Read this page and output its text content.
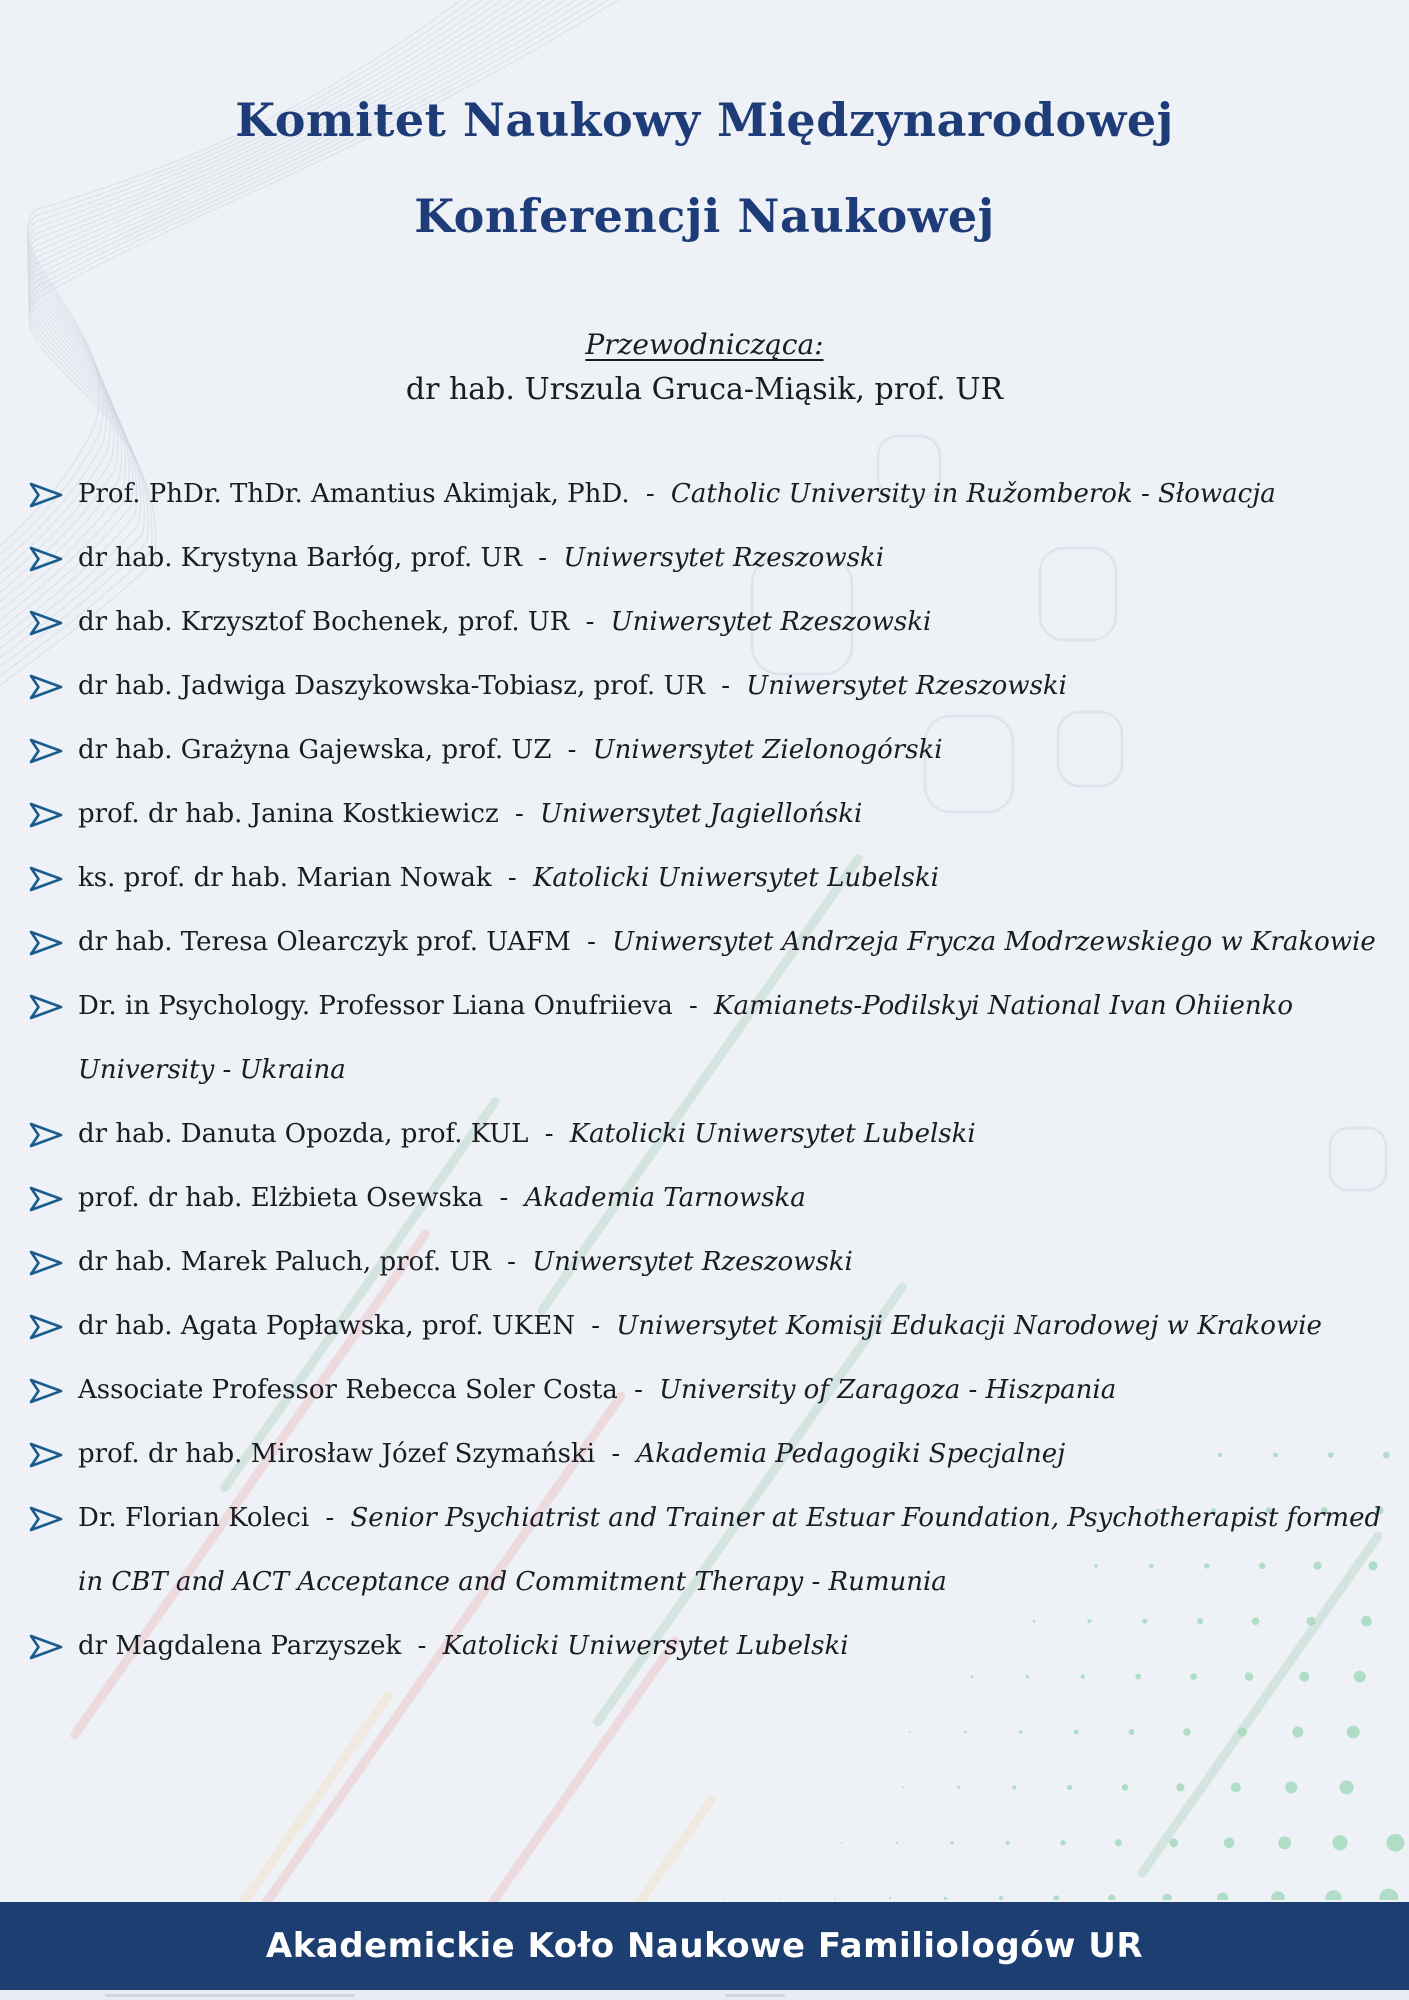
Komitet Naukowy Międzynarodowej
Konferencji Naukowej
Przewodnicząca:
dr hab. Urszula Gruca-Miąsik, prof. UR
Prof. PhDr. ThDr. Amantius Akimjak, PhD. - Catholic University in Ružomberok - Słowacja
dr hab. Krystyna Barłóg, prof. UR - Uniwersytet Rzeszowski
dr hab. Krzysztof Bochenek, prof. UR - Uniwersytet Rzeszowski
dr hab. Jadwiga Daszykowska-Tobiasz, prof. UR - Uniwersytet Rzeszowski
dr hab. Grażyna Gajewska, prof. UZ - Uniwersytet Zielonogórski
prof. dr hab. Janina Kostkiewicz - Uniwersytet Jagielloński
ks. prof. dr hab. Marian Nowak - Katolicki Uniwersytet Lubelski
dr hab. Teresa Olearczyk prof. UAFM - Uniwersytet Andrzeja Frycza Modrzewskiego w Krakowie
Dr. in Psychology. Professor Liana Onufriieva - Kamianets-Podilskyi National Ivan Ohiienko University - Ukraina
dr hab. Danuta Opozda, prof. KUL - Katolicki Uniwersytet Lubelski
prof. dr hab. Elżbieta Osewska - Akademia Tarnowska
dr hab. Marek Paluch, prof. UR - Uniwersytet Rzeszowski
dr hab. Agata Popławska, prof. UKEN - Uniwersytet Komisji Edukacji Narodowej w Krakowie
Associate Professor Rebecca Soler Costa - University of Zaragoza - Hiszpania
prof. dr hab. Mirosław Józef Szymański - Akademia Pedagogiki Specjalnej
Dr. Florian Koleci - Senior Psychiatrist and Trainer at Estuar Foundation, Psychotherapist formed in CBT and ACT Acceptance and Commitment Therapy - Rumunia
dr Magdalena Parzyszek - Katolicki Uniwersytet Lubelski
Akademickie Koło Naukowe Familiologów UR
